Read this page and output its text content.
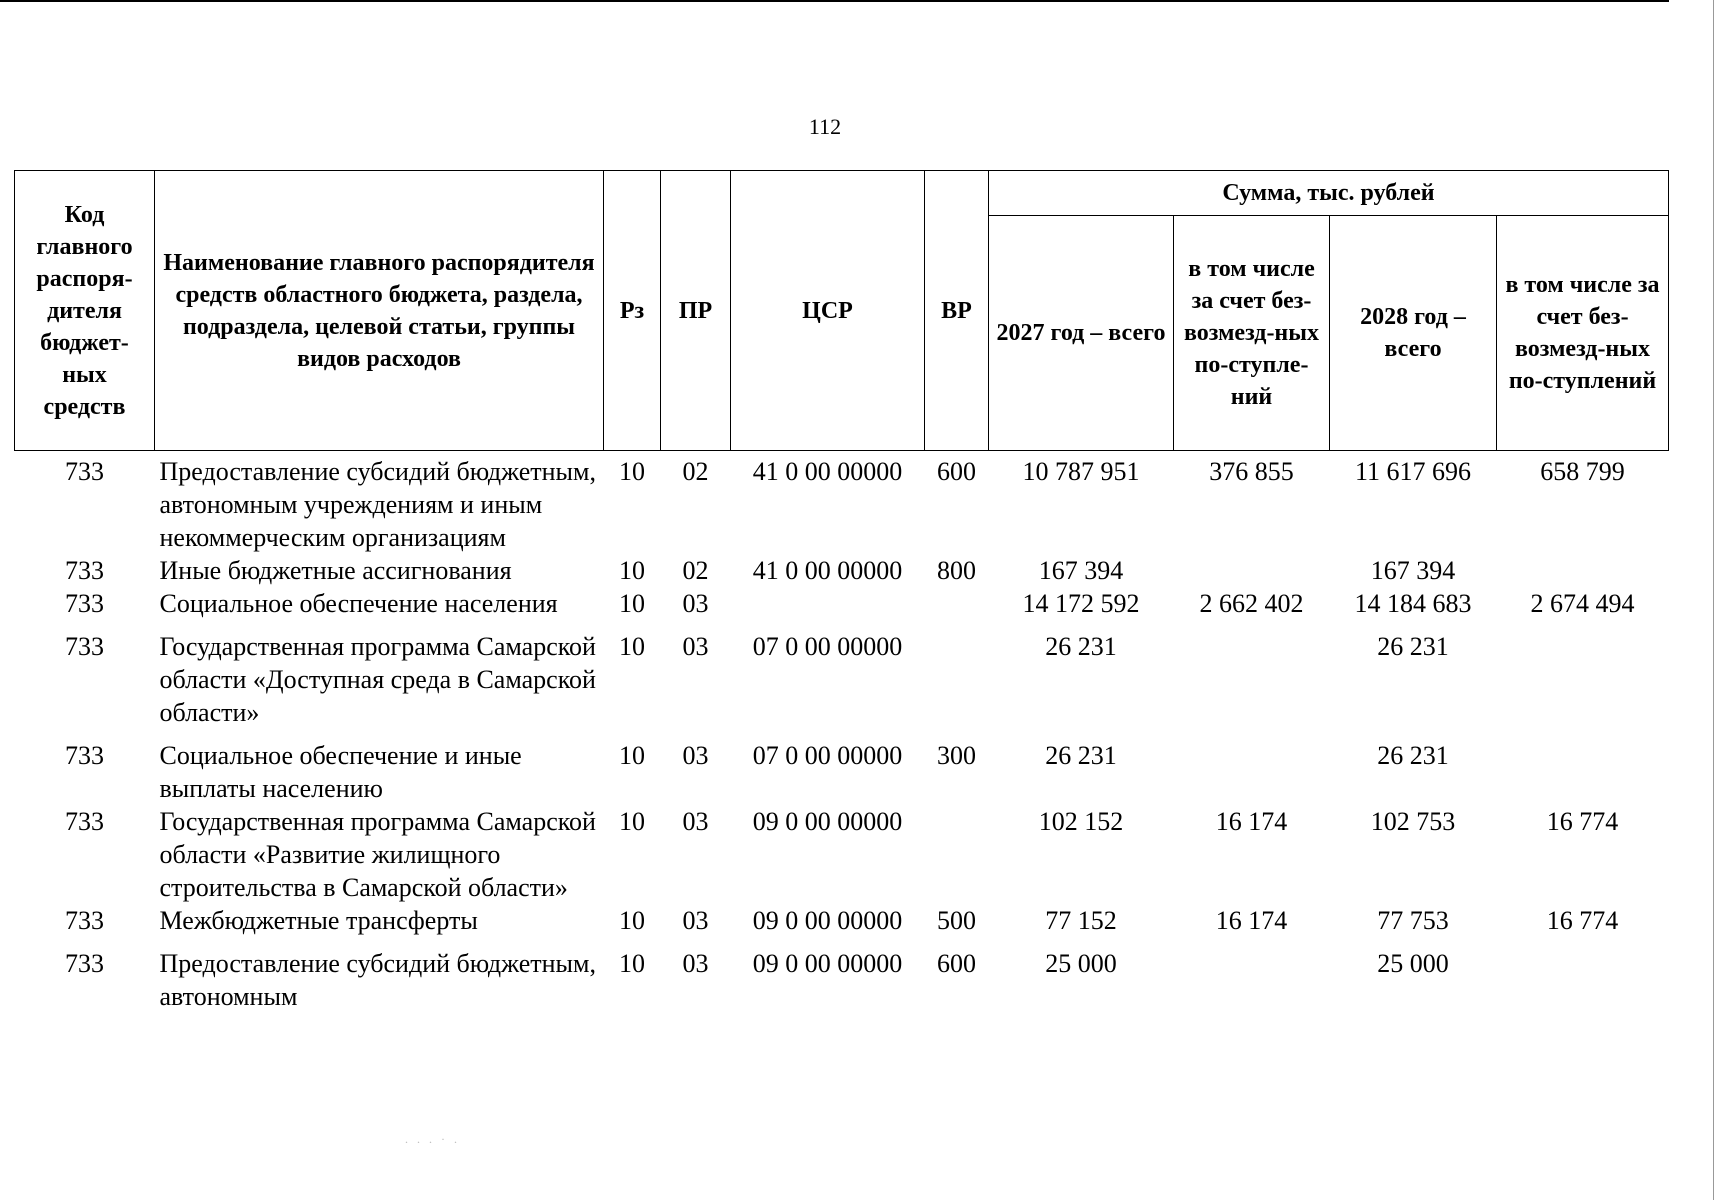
112
Код главного распоря-дителя бюджет-ных средств	Наименование главного распорядителя средств областного бюджета, раздела, подраздела, целевой статьи, группы видов расходов	Рз	ПР	ЦСР	ВР	Сумма, тыс. рублей			
						2027 год – всего	в том числе за счет без-возмезд-ных по-ступле-ний	2028 год – всего	в том числе за счет без-возмезд-ных по-ступлений
733	Предоставление субсидий бюджетным, автономным учреждениям и иным некоммерческим организациям	10	02	41 0 00 00000	600	10 787 951	376 855	11 617 696	658 799
733	Иные бюджетные ассигнования	10	02	41 0 00 00000	800	167 394		167 394	
733	Социальное обеспечение населения	10	03			14 172 592	2 662 402	14 184 683	2 674 494

733	Государственная программа Самарской области «Доступная среда в Самарской области»	10	03	07 0 00 00000		26 231		26 231	

733	Социальное обеспечение и иные выплаты населению	10	03	07 0 00 00000	300	26 231		26 231	
733	Государственная программа Самарской области «Развитие жилищного строительства в Самарской области»	10	03	09 0 00 00000		102 152	16 174	102 753	16 774
733	Межбюджетные трансферты	10	03	09 0 00 00000	500	77 152	16 174	77 753	16 774

733	Предоставление субсидий бюджетным, автономным	10	03	09 0 00 00000	600	25 000		25 000	
. . . · .
